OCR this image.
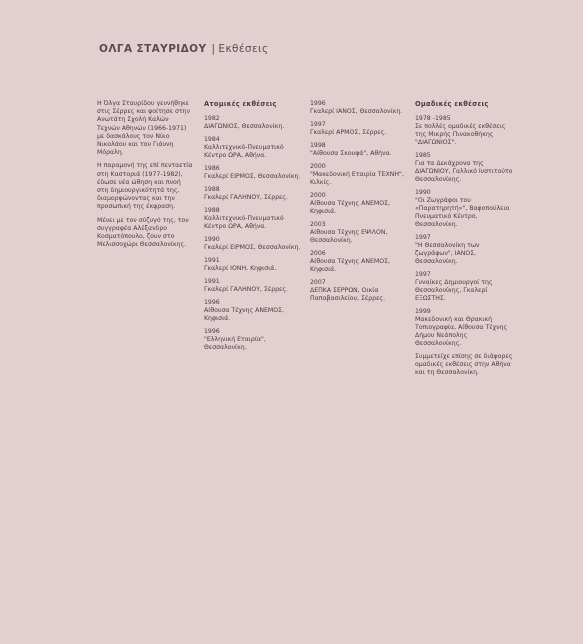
ΟΛΓΑ ΣΤΑΥΡΙΔΟΥ | Εκθέσεις

Η Όλγα Σταυρίδου γεννήθηκε στις Σέρρες και φοίτησε στην Ανωτάτη Σχολή Καλών Τεχνών Αθηνών (1966-1971) με δασκάλους τον Νίκο Νικολάου και τον Γιάννη Μόραλη.

Η παραμονή της επί πενταετία στη Καστοριά (1977-1982), έδωσε νέα ώθηση και πνοή στη δημιουργικότητά της, διαμορφώνοντας και την προσωπική της έκφραση.

Μένει με τον σύζυγό της, τον συγγραφέα Αλέξανδρο Κοσματόπουλο, ζουν στο Μελισσοχώρι Θεσσαλονίκης.

Ατομικές εκθέσεις
1982
ΔΙΑΓΩΝΙΟΣ, Θεσσαλονίκη.
1984
Καλλιτεχνικό-Πνευματικό Κέντρο ΩΡΑ, Αθήνα.
1986
Γκαλερί ΕΙΡΜΟΣ, Θεσσαλονίκη.
1988
Γκαλερί ΓΑΛΗΝΟΥ, Σέρρες.
1988
Καλλιτεχνικό-Πνευματικό Κέντρο ΩΡΑ, Αθήνα.
1990
Γκαλερί ΕΙΡΜΟΣ, Θεσσαλονίκη.
1991
Γκαλερί ΙΟΝΗ, Κηφισιά.
1991
Γκαλερί ΓΑΛΗΝΟΥ, Σέρρες.
1996
Αίθουσα Τέχνης ΑΝΕΜΟΣ, Κηφισιά.
1996
"Ελληνική Εταιρία", Θεσσαλονίκη.
1996
Γκαλερί ΙΑΝΟΣ, Θεσσαλονίκη.
1997
Γκαλερί ΑΡΜΟΣ, Σέρρες.
1998
"Αίθουσα Σκουφά", Αθήνα.
2000
"Μακεδονική Εταιρία ΤΕΧΝΗ", Κιλκίς.
2000
Αίθουσα Τέχνης ΑΝΕΜΟΣ, Κηφισιά.
2003
Αίθουσα Τέχνης ΕΨΙΛΟΝ, Θεσσαλονίκη.
2006
Αίθουσα Τέχνης ΑΝΕΜΟΣ, Κηφισιά.
2007
ΔΕΠΚΑ ΣΕΡΡΩΝ, Οικία Παπαβασιλείου, Σέρρες.
Ομαδικές εκθέσεις
1978 -1985
Σε πολλές ομαδικές εκθέσεις της Μικρής Πινακοθήκης "ΔΙΑΓΩΝΙΟΣ".
1985
Για τα Δεκάχρονα της ΔΙΑΓΩΝΙΟΥ, Γαλλικό Ινστιτούτο Θεσσαλονίκης.
1990
"Οι Ζωγράφοι του «Παρατηρητή»", Βαφοπούλειο Πνευματικό Κέντρο, Θεσσαλονίκη.
1997
"Η Θεσσαλονίκη των ζωγράφων", ΙΑΝΟΣ, Θεσσαλονίκη.
1997
Γυναίκες Δημιουργοί της Θεσσαλονίκης, Γκαλερί ΕΞΩΣΤΗΣ.
1999
Μακεδονική και Θρακική Τοπιογραφία, Αίθουσα Τέχνης Δήμου Νεάπολης Θεσσαλονίκης.
Συμμετείχε επίσης σε διάφορες ομαδικές εκθέσεις στην Αθήνα και τη Θεσσαλονίκη.
